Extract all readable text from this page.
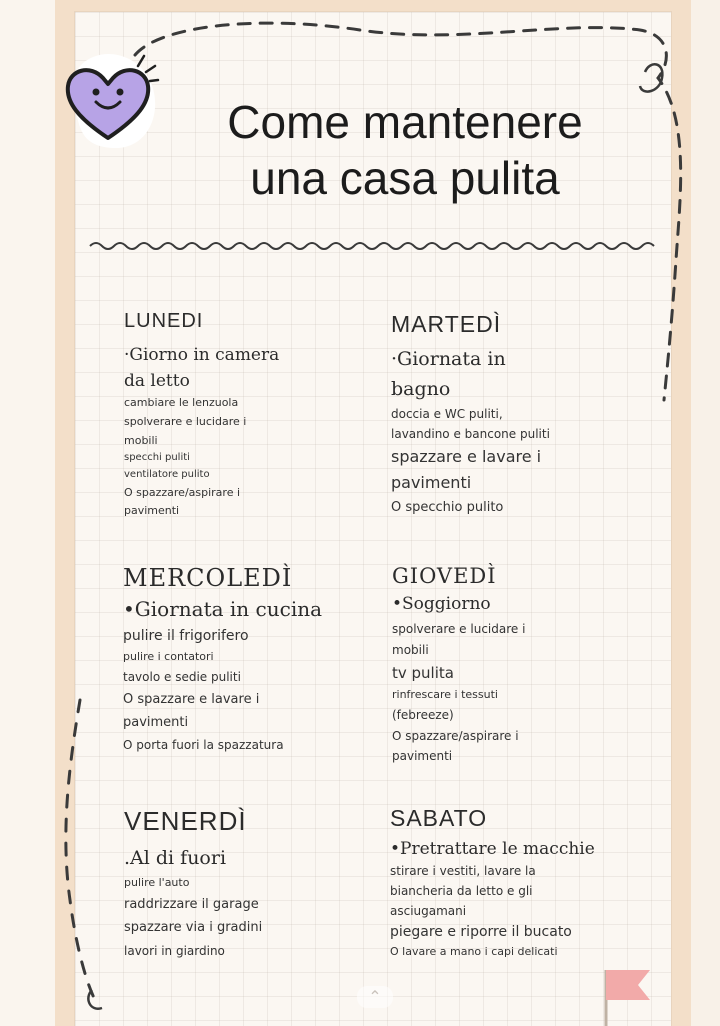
Come mantenere
una casa pulita
LUNEDI
·Giorno in camera
da letto
cambiare le lenzuola
spolverare e lucidare i
mobili
specchi puliti
ventilatore pulito
O spazzare/aspirare i
pavimenti
MARTEDÌ
·Giornata in
bagno
doccia e WC puliti,
lavandino e bancone puliti
spazzare e lavare i
pavimenti
O specchio pulito
MERCOLEDÌ
•Giornata in cucina
pulire il frigorifero
pulire i contatori
tavolo e sedie puliti
O spazzare e lavare i
pavimenti
O porta fuori la spazzatura
GIOVEDÌ
•Soggiorno
spolverare e lucidare i
mobili
tv pulita
rinfrescare i tessuti
(febreeze)
O spazzare/aspirare i
pavimenti
VENERDÌ
.Al di fuori
pulire l'auto
raddrizzare il garage
spazzare via i gradini
lavori in giardino
SABATO
•Pretrattare le macchie
stirare i vestiti, lavare la
biancheria da letto e gli
asciugamani
piegare e riporre il bucato
O lavare a mano i capi delicati
⌃
